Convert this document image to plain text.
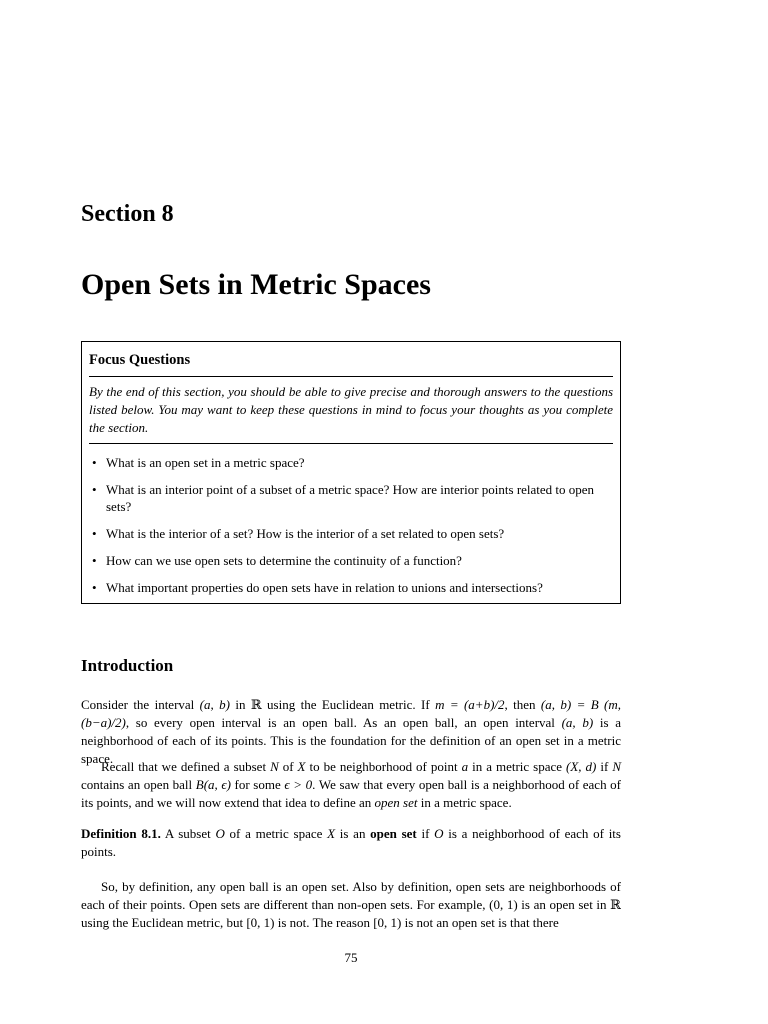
Section 8
Open Sets in Metric Spaces

Focus Questions

By the end of this section, you should be able to give precise and thorough answers to the questions listed below. You may want to keep these questions in mind to focus your thoughts as you complete the section.

• What is an open set in a metric space?
• What is an interior point of a subset of a metric space? How are interior points related to open sets?
• What is the interior of a set? How is the interior of a set related to open sets?
• How can we use open sets to determine the continuity of a function?
• What important properties do open sets have in relation to unions and intersections?
Introduction

Consider the interval (a, b) in ℝ using the Euclidean metric. If m = (a+b)/2, then (a, b) = B (m, (b−a)/2), so every open interval is an open ball. As an open ball, an open interval (a, b) is a neighborhood of each of its points. This is the foundation for the definition of an open set in a metric space.

Recall that we defined a subset N of X to be neighborhood of point a in a metric space (X, d) if N contains an open ball B(a, ϵ) for some ϵ > 0. We saw that every open ball is a neighborhood of each of its points, and we will now extend that idea to define an open set in a metric space.

Definition 8.1. A subset O of a metric space X is an open set if O is a neighborhood of each of its points.

So, by definition, any open ball is an open set. Also by definition, open sets are neighborhoods of each of their points. Open sets are different than non-open sets. For example, (0, 1) is an open set in ℝ using the Euclidean metric, but [0, 1) is not. The reason [0, 1) is not an open set is that there

75
